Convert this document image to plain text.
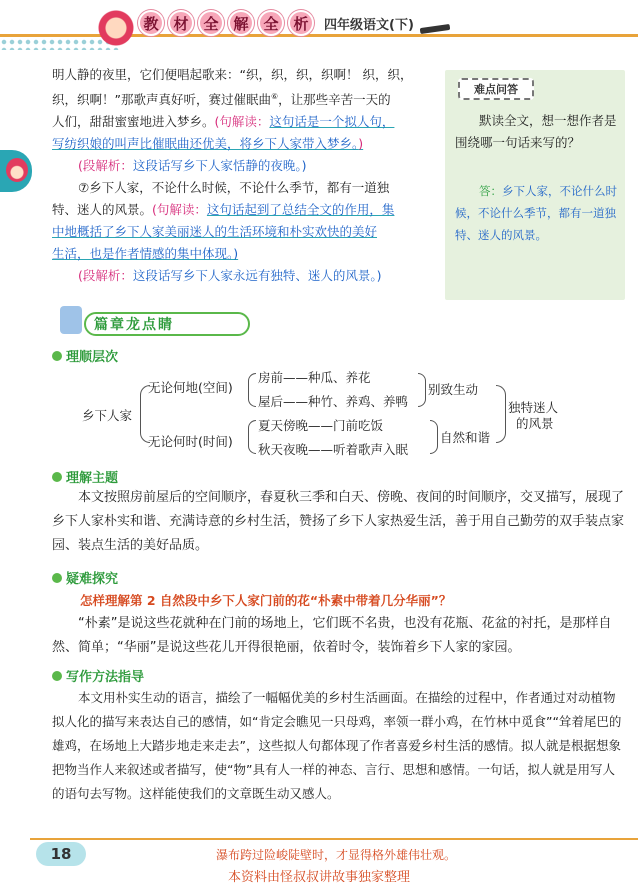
教 材 全 解 全 析	四年级语文(下)
明人静的夜里，它们便唱起歌来：“织，织，织，织啊！ 织，织，
织，织啊！”那歌声真好听，赛过催眠曲⑥，让那些辛苦一天的
人们，甜甜蜜蜜地进入梦乡。(句解读：这句话是一个拟人句，
写纺织娘的叫声比催眠曲还优美，将乡下人家带入梦乡。)
(段解析：这段话写乡下人家恬静的夜晚。)
⑦乡下人家，不论什么时候，不论什么季节，都有一道独
特、迷人的风景。(句解读：这句话起到了总结全文的作用，集
中地概括了乡下人家美丽迷人的生活环境和朴实欢快的美好
生活，也是作者情感的集中体现。)
(段解析：这段话写乡下人家永远有独特、迷人的风景。)
难点问答
默读全文，想一想作者是围绕哪一句话来写的？
答：乡下人家，不论什么时候，不论什么季节，都有一道独特、迷人的风景。
篇章龙点睛
理顺层次
乡下人家
无论何地(空间)
无论何时(时间)
房前——种瓜、养花
屋后——种竹、养鸡、养鸭
夏天傍晚——门前吃饭
秋天夜晚——听着歌声入眠
别致生动
自然和谐
独特迷人
的风景
理解主题
本文按照房前屋后的空间顺序，春夏秋三季和白天、傍晚、夜间的时间顺序，交叉描写，展现了乡下人家朴实和谐、充满诗意的乡村生活，赞扬了乡下人家热爱生活，善于用自己勤劳的双手装点家园、装点生活的美好品质。
疑难探究
怎样理解第 2 自然段中乡下人家门前的花“朴素中带着几分华丽”？
“朴素”是说这些花就种在门前的场地上，它们既不名贵，也没有花瓶、花盆的衬托，是那样自然、简单；“华丽”是说这些花儿开得很艳丽，依着时令，装饰着乡下人家的家园。
写作方法指导
本文用朴实生动的语言，描绘了一幅幅优美的乡村生活画面。在描绘的过程中，作者通过对动植物拟人化的描写来表达自己的感情，如“肯定会瞧见一只母鸡，率领一群小鸡，在竹林中觅食”“耸着尾巴的雄鸡，在场地上大踏步地走来走去”，这些拟人句都体现了作者喜爱乡村生活的感情。拟人就是根据想象把物当作人来叙述或者描写，使“物”具有人一样的神态、言行、思想和感情。一句话，拟人就是用写人的语句去写物。这样能使我们的文章既生动又感人。
18	瀑布跨过险峻陡壁时，才显得格外雄伟壮观。
本资料由怪叔叔讲故事独家整理
